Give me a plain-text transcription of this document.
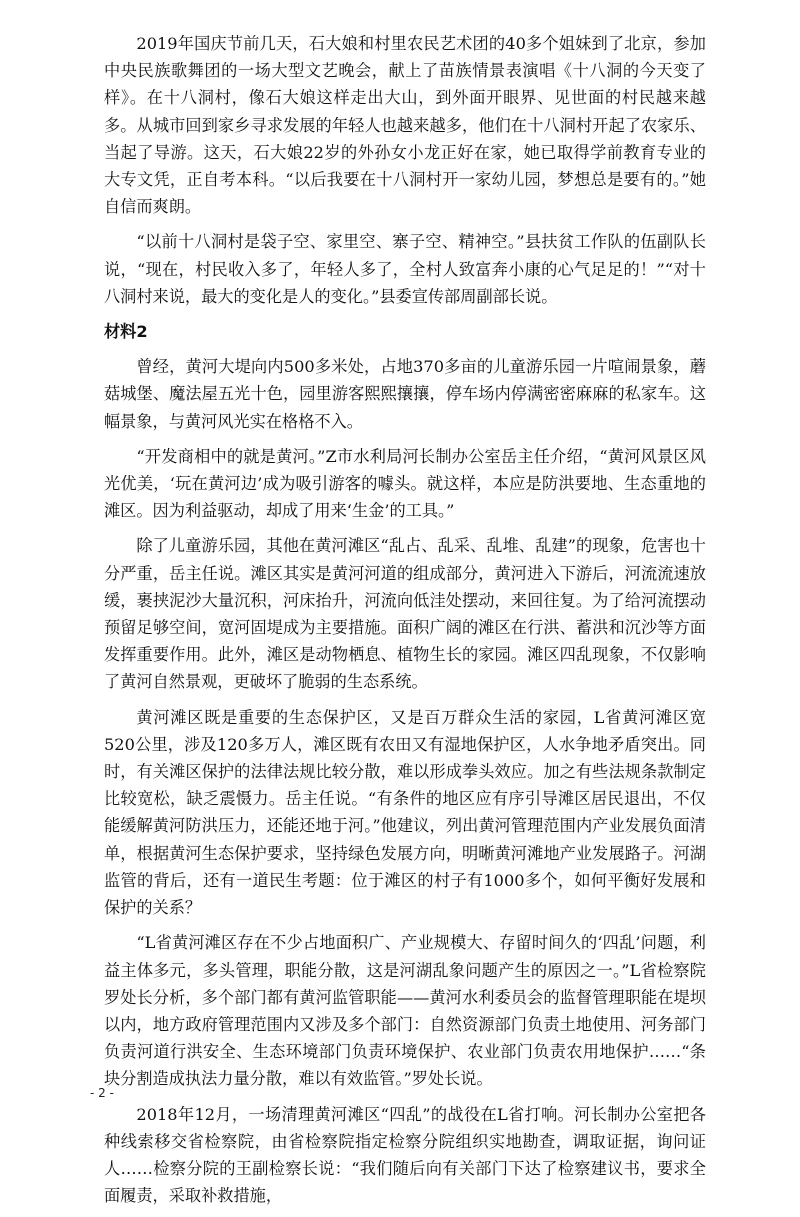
2019年国庆节前几天，石大娘和村里农民艺术团的40多个姐妹到了北京，参加中央民族歌舞团的一场大型文艺晚会，献上了苗族情景表演唱《十八洞的今天变了样》。在十八洞村，像石大娘这样走出大山，到外面开眼界、见世面的村民越来越多。从城市回到家乡寻求发展的年轻人也越来越多，他们在十八洞村开起了农家乐、当起了导游。这天，石大娘22岁的外孙女小龙正好在家，她已取得学前教育专业的大专文凭，正自考本科。“以后我要在十八洞村开一家幼儿园，梦想总是要有的。”她自信而爽朗。

“以前十八洞村是袋子空、家里空、寨子空、精神空。”县扶贫工作队的伍副队长说，“现在，村民收入多了，年轻人多了，全村人致富奔小康的心气足足的！”“对十八洞村来说，最大的变化是人的变化。”县委宣传部周副部长说。

材料2

曾经，黄河大堤向内500多米处，占地370多亩的儿童游乐园一片喧闹景象，蘑菇城堡、魔法屋五光十色，园里游客熙熙攘攘，停车场内停满密密麻麻的私家车。这幅景象，与黄河风光实在格格不入。

“开发商相中的就是黄河。”Z市水利局河长制办公室岳主任介绍，“黄河风景区风光优美，‘玩在黄河边’成为吸引游客的噱头。就这样，本应是防洪要地、生态重地的滩区。因为利益驱动，却成了用来‘生金’的工具。”

除了儿童游乐园，其他在黄河滩区“乱占、乱采、乱堆、乱建”的现象，危害也十分严重，岳主任说。滩区其实是黄河河道的组成部分，黄河进入下游后，河流流速放缓，裹挟泥沙大量沉积，河床抬升，河流向低洼处摆动，来回往复。为了给河流摆动预留足够空间，宽河固堤成为主要措施。面积广阔的滩区在行洪、蓄洪和沉沙等方面发挥重要作用。此外，滩区是动物栖息、植物生长的家园。滩区四乱现象，不仅影响了黄河自然景观，更破坏了脆弱的生态系统。

黄河滩区既是重要的生态保护区，又是百万群众生活的家园，L省黄河滩区宽520公里，涉及120多万人，滩区既有农田又有湿地保护区，人水争地矛盾突出。同时，有关滩区保护的法律法规比较分散，难以形成拳头效应。加之有些法规条款制定比较宽松，缺乏震慑力。岳主任说。“有条件的地区应有序引导滩区居民退出，不仅能缓解黄河防洪压力，还能还地于河。”他建议，列出黄河管理范围内产业发展负面清单，根据黄河生态保护要求，坚持绿色发展方向，明晰黄河滩地产业发展路子。河湖监管的背后，还有一道民生考题：位于滩区的村子有1000多个，如何平衡好发展和保护的关系？

“L省黄河滩区存在不少占地面积广、产业规模大、存留时间久的‘四乱’问题，利益主体多元，多头管理，职能分散，这是河湖乱象问题产生的原因之一。”L省检察院罗处长分析，多个部门都有黄河监管职能——黄河水利委员会的监督管理职能在堤坝以内，地方政府管理范围内又涉及多个部门：自然资源部门负责土地使用、河务部门负责河道行洪安全、生态环境部门负责环境保护、农业部门负责农用地保护……“条块分割造成执法力量分散，难以有效监管。”罗处长说。

2018年12月，一场清理黄河滩区“四乱”的战役在L省打响。河长制办公室把各种线索移交省检察院，由省检察院指定检察分院组织实地勘查，调取证据，询问证人……检察分院的王副检察长说：“我们随后向有关部门下达了检察建议书，要求全面履责，采取补救措施，

- 2 -
